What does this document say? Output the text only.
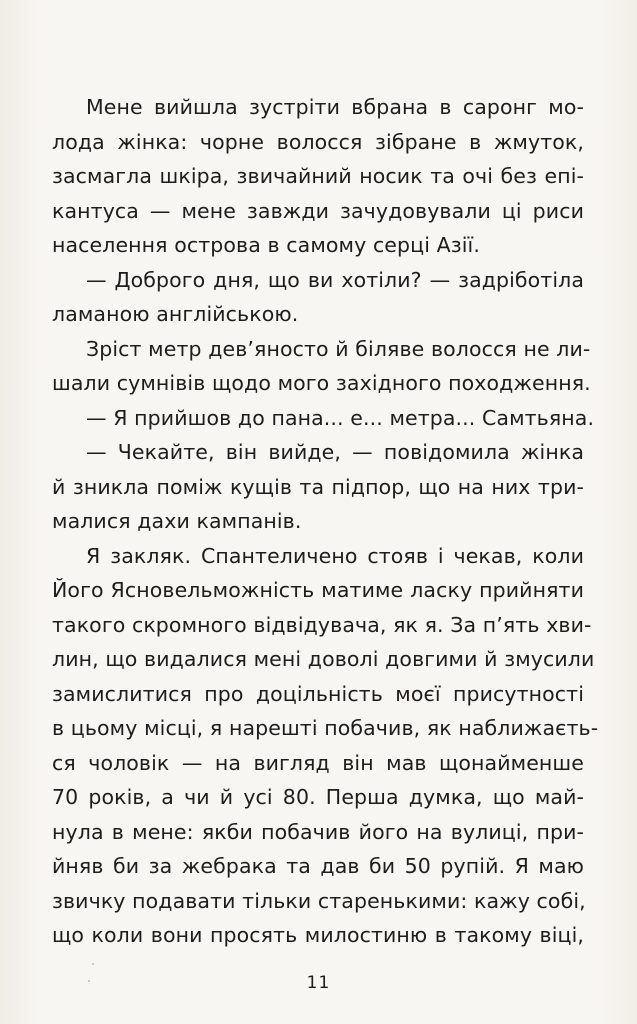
Мене вийшла зустріти вбрана в саронг мо-
лода жінка: чорне волосся зібране в жмуток,
засмагла шкіра, звичайний носик та очі без епі-
кантуса — мене завжди зачудовували ці риси
населення острова в самому серці Азії.
— Доброго дня, що ви хотіли? — задріботіла
ламаною англійською.
Зріст метр дев’яносто й біляве волосся не ли-
шали сумнівів щодо мого західного походження.
— Я прийшов до пана... е... метра... Самтьяна.
— Чекайте, він вийде, — повідомила жінка
й зникла поміж кущів та підпор, що на них три-
малися дахи кампанів.
Я закляк. Спантеличено стояв і чекав, коли
Його Ясновельможність матиме ласку прийняти
такого скромного відвідувача, як я. За п’ять хви-
лин, що видалися мені доволі довгими й змусили
замислитися про доцільність моєї присутності
в цьому місці, я нарешті побачив, як наближаєть-
ся чоловік — на вигляд він мав щонайменше
70 років, а чи й усі 80. Перша думка, що май-
нула в мене: якби побачив його на вулиці, при-
йняв би за жебрака та дав би 50 рупій. Я маю
звичку подавати тільки старенькими: кажу собі,
що коли вони просять милостиню в такому віці,
11
